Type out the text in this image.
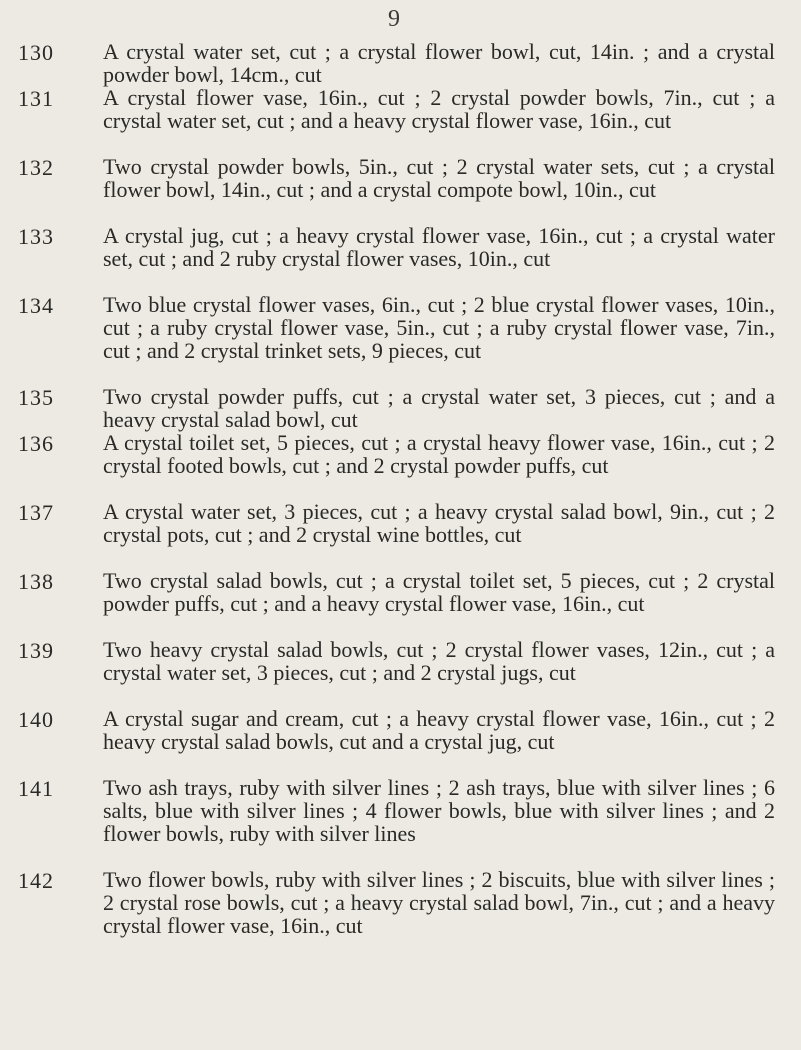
9
130 A crystal water set, cut ; a crystal flower bowl, cut, 14in. ; and a crystal powder bowl, 14cm., cut
131 A crystal flower vase, 16in., cut ; 2 crystal powder bowls, 7in., cut ; a crystal water set, cut ; and a heavy crystal flower vase, 16in., cut
132 Two crystal powder bowls, 5in., cut ; 2 crystal water sets, cut ; a crystal flower bowl, 14in., cut ; and a crystal compote bowl, 10in., cut
133 A crystal jug, cut ; a heavy crystal flower vase, 16in., cut ; a crystal water set, cut ; and 2 ruby crystal flower vases, 10in., cut
134 Two blue crystal flower vases, 6in., cut ; 2 blue crystal flower vases, 10in., cut ; a ruby crystal flower vase, 5in., cut ; a ruby crystal flower vase, 7in., cut ; and 2 crystal trinket sets, 9 pieces, cut
135 Two crystal powder puffs, cut ; a crystal water set, 3 pieces, cut ; and a heavy crystal salad bowl, cut
136 A crystal toilet set, 5 pieces, cut ; a crystal heavy flower vase, 16in., cut ; 2 crystal footed bowls, cut ; and 2 crystal powder puffs, cut
137 A crystal water set, 3 pieces, cut ; a heavy crystal salad bowl, 9in., cut ; 2 crystal pots, cut ; and 2 crystal wine bottles, cut
138 Two crystal salad bowls, cut ; a crystal toilet set, 5 pieces, cut ; 2 crystal powder puffs, cut ; and a heavy crystal flower vase, 16in., cut
139 Two heavy crystal salad bowls, cut ; 2 crystal flower vases, 12in., cut ; a crystal water set, 3 pieces, cut ; and 2 crystal jugs, cut
140 A crystal sugar and cream, cut ; a heavy crystal flower vase, 16in., cut ; 2 heavy crystal salad bowls, cut and a crystal jug, cut
141 Two ash trays, ruby with silver lines ; 2 ash trays, blue with silver lines ; 6 salts, blue with silver lines ; 4 flower bowls, blue with silver lines ; and 2 flower bowls, ruby with silver lines
142 Two flower bowls, ruby with silver lines ; 2 biscuits, blue with silver lines ; 2 crystal rose bowls, cut ; a heavy crystal salad bowl, 7in., cut ; and a heavy crystal flower vase, 16in., cut
